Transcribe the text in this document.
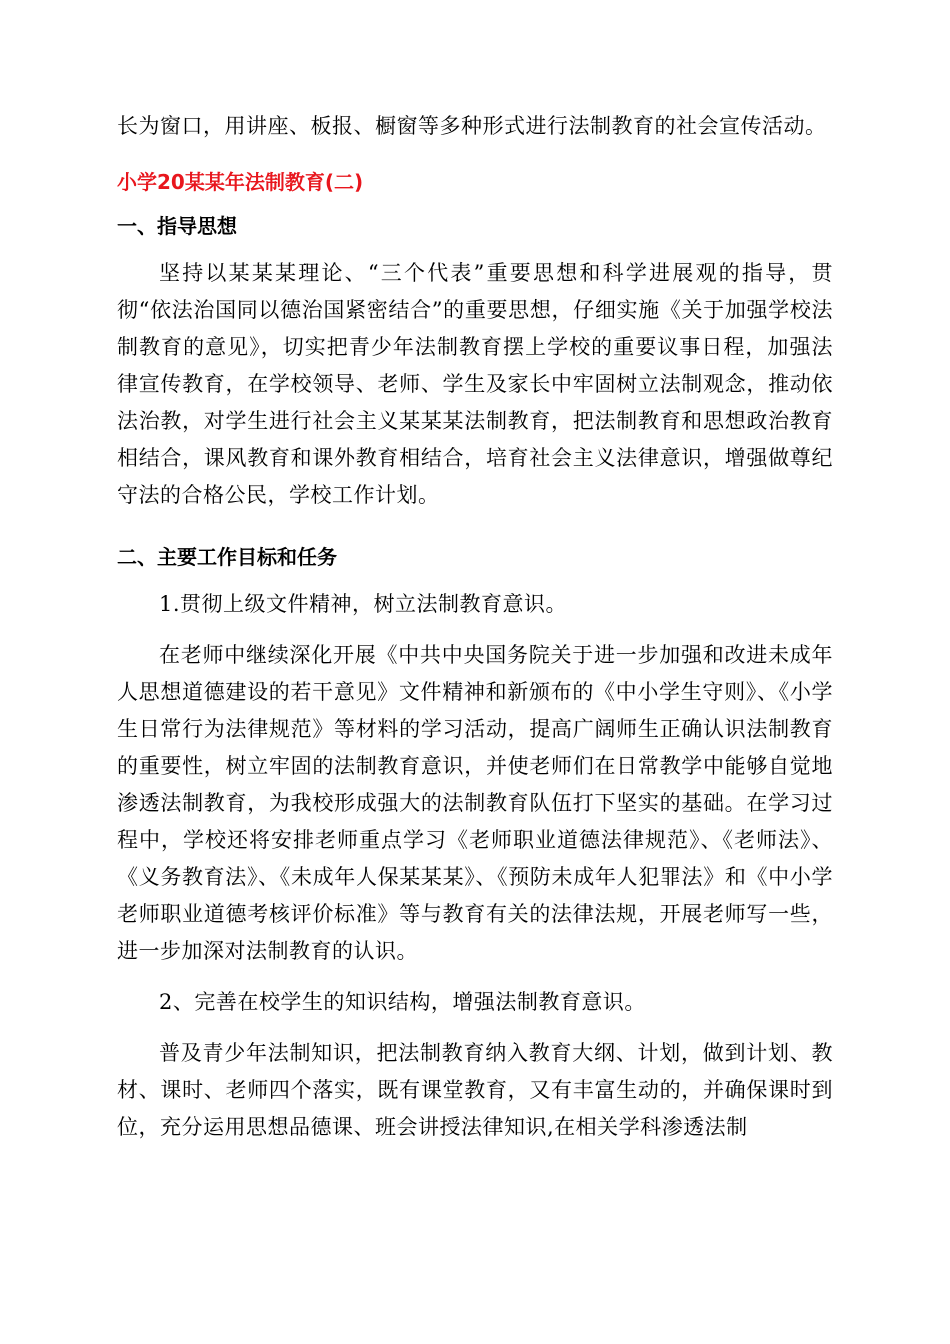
长为窗口，用讲座、板报、橱窗等多种形式进行法制教育的社会宣传活动。

小学20某某年法制教育(二)

一、指导思想

坚持以某某某理论、“三个代表”重要思想和科学进展观的指导，贯彻“依法治国同以德治国紧密结合”的重要思想，仔细实施《关于加强学校法制教育的意见》，切实把青少年法制教育摆上学校的重要议事日程，加强法律宣传教育，在学校领导、老师、学生及家长中牢固树立法制观念，推动依法治教，对学生进行社会主义某某某法制教育，把法制教育和思想政治教育相结合，课风教育和课外教育相结合，培育社会主义法律意识，增强做尊纪守法的合格公民，学校工作计划。

二、主要工作目标和任务

1.贯彻上级文件精神，树立法制教育意识。

在老师中继续深化开展《中共中央国务院关于进一步加强和改进未成年人思想道德建设的若干意见》文件精神和新颁布的《中小学生守则》、《小学生日常行为法律规范》等材料的学习活动，提高广阔师生正确认识法制教育的重要性，树立牢固的法制教育意识，并使老师们在日常教学中能够自觉地渗透法制教育，为我校形成强大的法制教育队伍打下坚实的基础。在学习过程中，学校还将安排老师重点学习《老师职业道德法律规范》、《老师法》、《义务教育法》、《未成年人保某某某》、《预防未成年人犯罪法》和《中小学老师职业道德考核评价标准》等与教育有关的法律法规，开展老师写一些，进一步加深对法制教育的认识。

2、完善在校学生的知识结构，增强法制教育意识。

普及青少年法制知识，把法制教育纳入教育大纲、计划，做到计划、教材、课时、老师四个落实，既有课堂教育，又有丰富生动的，并确保课时到位，充分运用思想品德课、班会讲授法律知识,在相关学科渗透法制
